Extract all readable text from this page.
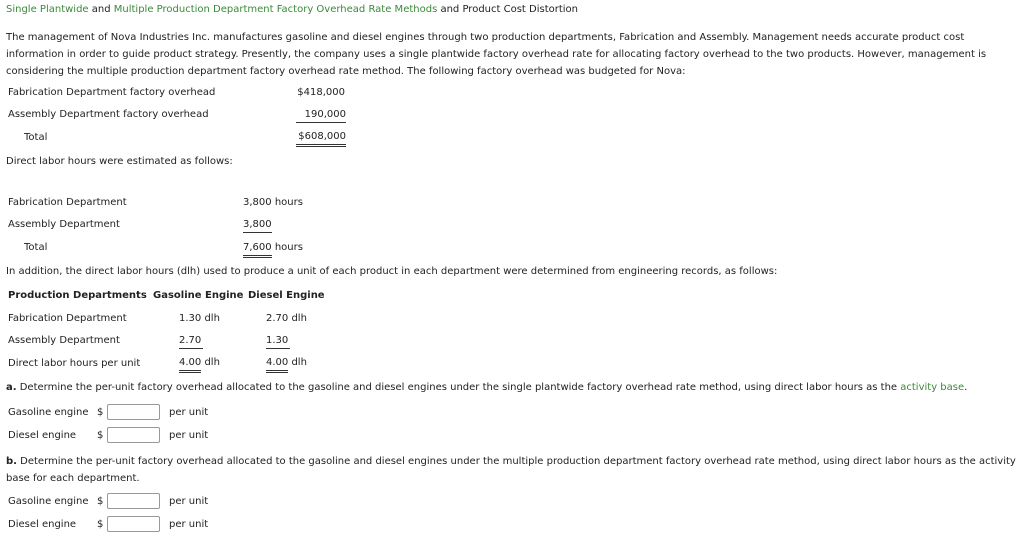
Single Plantwide and Multiple Production Department Factory Overhead Rate Methods and Product Cost Distortion
The management of Nova Industries Inc. manufactures gasoline and diesel engines through two production departments, Fabrication and Assembly. Management needs accurate product cost information in order to guide product strategy. Presently, the company uses a single plantwide factory overhead rate for allocating factory overhead to the two products. However, management is considering the multiple production department factory overhead rate method. The following factory overhead was budgeted for Nova:
Fabrication Department factory overhead	$418,000
Assembly Department factory overhead	190,000
Total	$608,000
Direct labor hours were estimated as follows:
Fabrication Department	3,800 hours
Assembly Department	3,800
Total	7,600 hours
In addition, the direct labor hours (dlh) used to produce a unit of each product in each department were determined from engineering records, as follows:
Production Departments Gasoline Engine Diesel Engine
Fabrication Department	1.30 dlh	2.70 dlh
Assembly Department	2.70	1.30
Direct labor hours per unit	4.00 dlh	4.00 dlh
a. Determine the per-unit factory overhead allocated to the gasoline and diesel engines under the single plantwide factory overhead rate method, using direct labor hours as the activity base.
Gasoline engine $	per unit
Diesel engine $	per unit
b. Determine the per-unit factory overhead allocated to the gasoline and diesel engines under the multiple production department factory overhead rate method, using direct labor hours as the activity base for each department.
Gasoline engine $	per unit
Diesel engine $	per unit
